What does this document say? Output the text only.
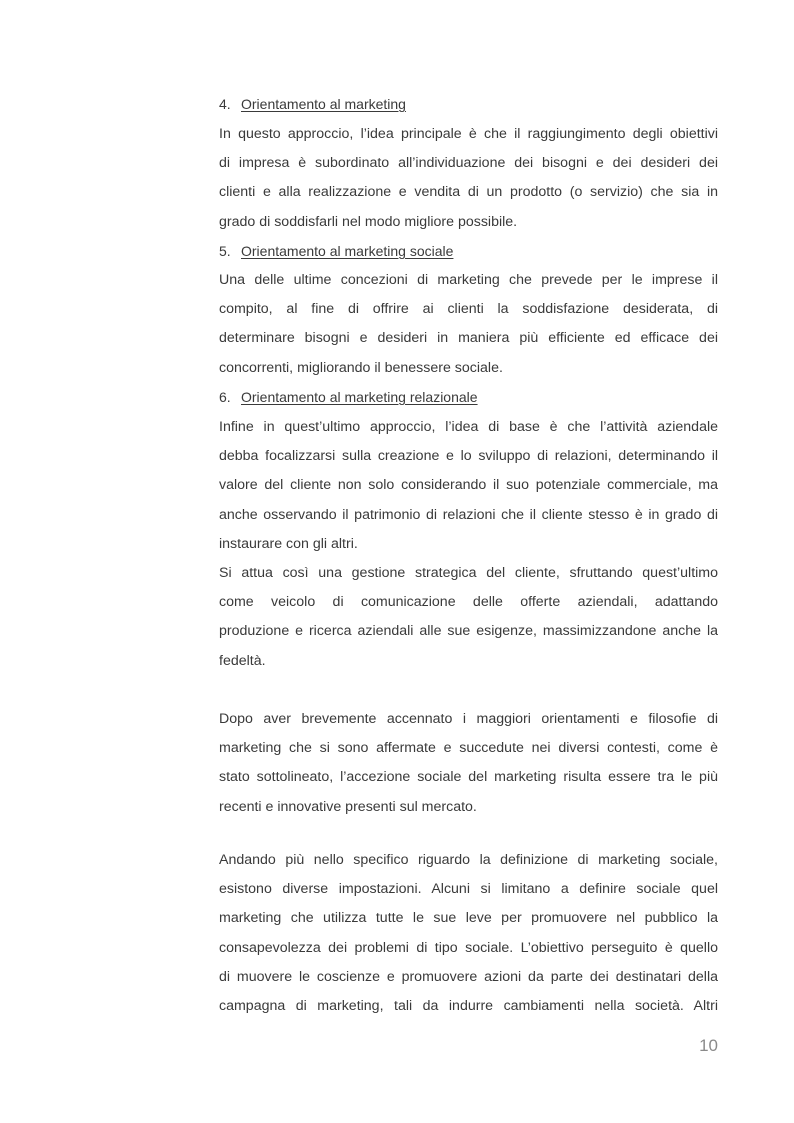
4. Orientamento al marketing
In questo approccio, l’idea principale è che il raggiungimento degli obiettivi
di impresa è subordinato all’individuazione dei bisogni e dei desideri dei
clienti e alla realizzazione e vendita di un prodotto (o servizio) che sia in
grado di soddisfarli nel modo migliore possibile.
5. Orientamento al marketing sociale
Una delle ultime concezioni di marketing che prevede per le imprese il
compito, al fine di offrire ai clienti la soddisfazione desiderata, di
determinare bisogni e desideri in maniera più efficiente ed efficace dei
concorrenti, migliorando il benessere sociale.
6. Orientamento al marketing relazionale
Infine in quest’ultimo approccio, l’idea di base è che l’attività aziendale
debba focalizzarsi sulla creazione e lo sviluppo di relazioni, determinando il
valore del cliente non solo considerando il suo potenziale commerciale, ma
anche osservando il patrimonio di relazioni che il cliente stesso è in grado di
instaurare con gli altri.
Si attua così una gestione strategica del cliente, sfruttando quest’ultimo
come veicolo di comunicazione delle offerte aziendali, adattando
produzione e ricerca aziendali alle sue esigenze, massimizzandone anche la
fedeltà.
Dopo aver brevemente accennato i maggiori orientamenti e filosofie di
marketing che si sono affermate e succedute nei diversi contesti, come è
stato sottolineato, l’accezione sociale del marketing risulta essere tra le più
recenti e innovative presenti sul mercato.
Andando più nello specifico riguardo la definizione di marketing sociale,
esistono diverse impostazioni. Alcuni si limitano a definire sociale quel
marketing che utilizza tutte le sue leve per promuovere nel pubblico la
consapevolezza dei problemi di tipo sociale. L’obiettivo perseguito è quello
di muovere le coscienze e promuovere azioni da parte dei destinatari della
campagna di marketing, tali da indurre cambiamenti nella società. Altri
10
